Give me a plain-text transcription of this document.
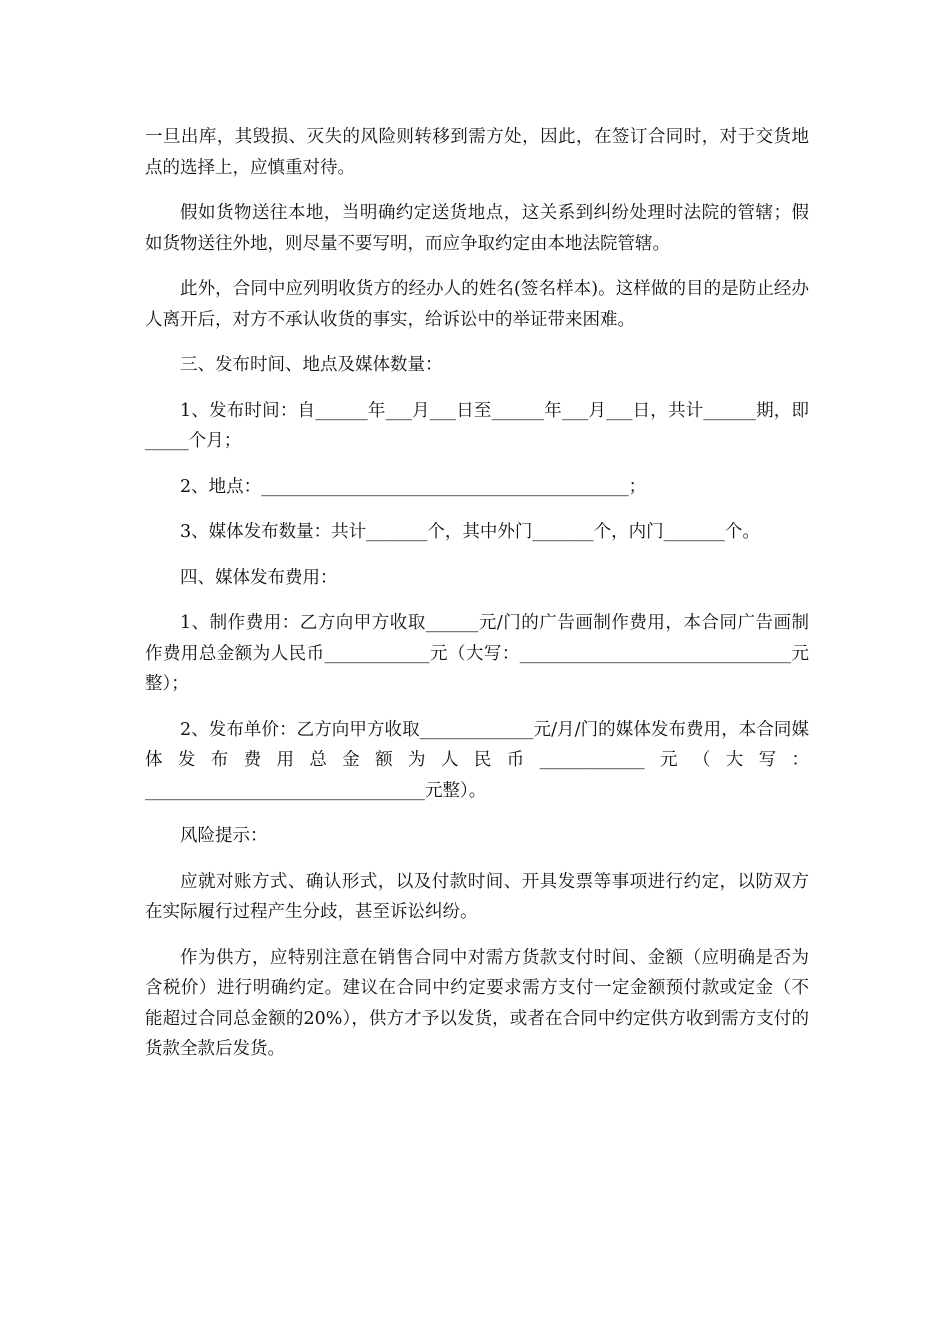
一旦出库，其毁损、灭失的风险则转移到需方处，因此，在签订合同时，对于交货地点的选择上，应慎重对待。

假如货物送往本地，当明确约定送货地点，这关系到纠纷处理时法院的管辖；假如货物送往外地，则尽量不要写明，而应争取约定由本地法院管辖。

此外，合同中应列明收货方的经办人的姓名(签名样本)。这样做的目的是防止经办人离开后，对方不承认收货的事实，给诉讼中的举证带来困难。

三、发布时间、地点及媒体数量：

1、发布时间：自______年___月___日至______年___月___日，共计______期，即_____个月；

2、地点：__________________________________________；

3、媒体发布数量：共计_______个，其中外门_______个，内门_______个。

四、媒体发布费用：

1、制作费用：乙方向甲方收取______元/门的广告画制作费用，本合同广告画制作费用总金额为人民币____________元（大写：_______________________________元整）；

2、发布单价：乙方向甲方收取_____________元/月/门的媒体发布费用，本合同媒体发布费用总金额为人民币____________元（大写：________________________________元整）。

风险提示：

应就对账方式、确认形式，以及付款时间、开具发票等事项进行约定，以防双方在实际履行过程产生分歧，甚至诉讼纠纷。

作为供方，应特别注意在销售合同中对需方货款支付时间、金额（应明确是否为含税价）进行明确约定。建议在合同中约定要求需方支付一定金额预付款或定金（不能超过合同总金额的20%），供方才予以发货，或者在合同中约定供方收到需方支付的货款全款后发货。
